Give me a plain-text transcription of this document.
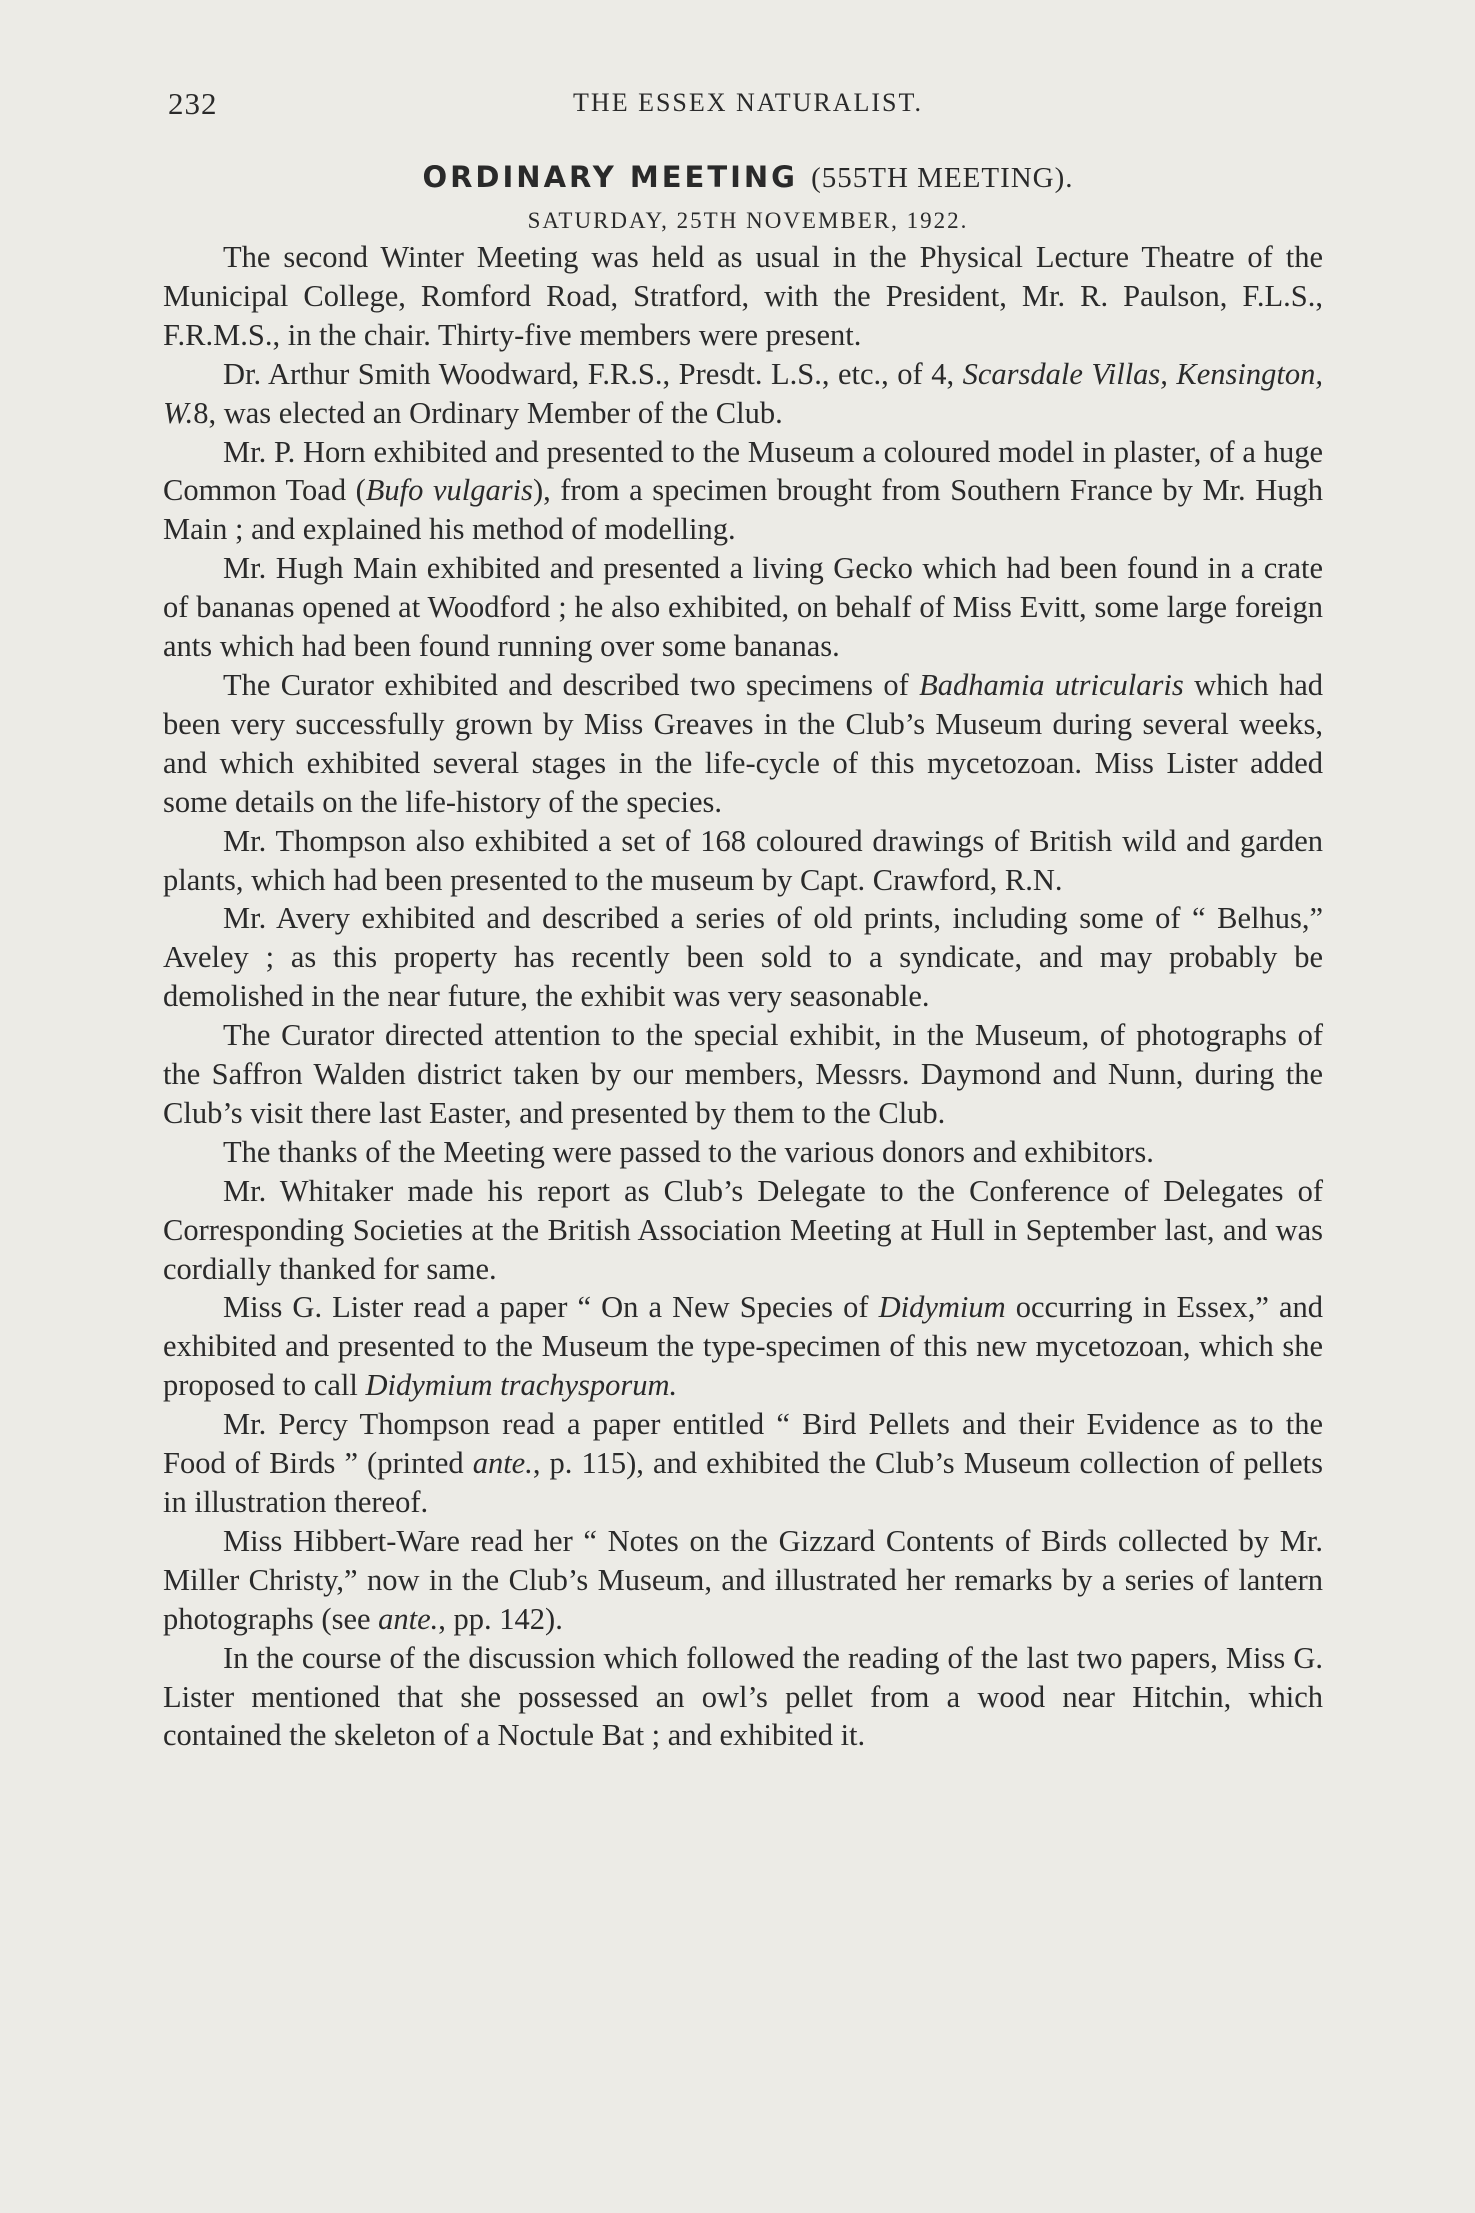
232	THE ESSEX NATURALIST.
ORDINARY MEETING (555TH MEETING).
SATURDAY, 25TH NOVEMBER, 1922.

The second Winter Meeting was held as usual in the Physical Lecture Theatre of the Municipal College, Romford Road, Stratford, with the President, Mr. R. Paulson, F.L.S., F.R.M.S., in the chair. Thirty-five members were present.

Dr. Arthur Smith Woodward, F.R.S., Presdt. L.S., etc., of 4, Scarsdale Villas, Kensington, W.8, was elected an Ordinary Member of the Club.

Mr. P. Horn exhibited and presented to the Museum a coloured model in plaster, of a huge Common Toad (Bufo vulgaris), from a specimen brought from Southern France by Mr. Hugh Main ; and explained his method of modelling.

Mr. Hugh Main exhibited and presented a living Gecko which had been found in a crate of bananas opened at Woodford ; he also exhibited, on behalf of Miss Evitt, some large foreign ants which had been found running over some bananas.

The Curator exhibited and described two specimens of Badhamia utricularis which had been very successfully grown by Miss Greaves in the Club’s Museum during several weeks, and which exhibited several stages in the life-cycle of this mycetozoan. Miss Lister added some details on the life-history of the species.

Mr. Thompson also exhibited a set of 168 coloured drawings of British wild and garden plants, which had been presented to the museum by Capt. Crawford, R.N.

Mr. Avery exhibited and described a series of old prints, including some of “ Belhus,” Aveley ; as this property has recently been sold to a syndicate, and may probably be demolished in the near future, the exhibit was very seasonable.

The Curator directed attention to the special exhibit, in the Museum, of photographs of the Saffron Walden district taken by our members, Messrs. Daymond and Nunn, during the Club’s visit there last Easter, and presented by them to the Club.

The thanks of the Meeting were passed to the various donors and exhibitors.

Mr. Whitaker made his report as Club’s Delegate to the Conference of Delegates of Corresponding Societies at the British Association Meeting at Hull in September last, and was cordially thanked for same.

Miss G. Lister read a paper “ On a New Species of Didymium occurring in Essex,” and exhibited and presented to the Museum the type-specimen of this new mycetozoan, which she proposed to call Didymium trachysporum.

Mr. Percy Thompson read a paper entitled “ Bird Pellets and their Evidence as to the Food of Birds ” (printed ante., p. 115), and exhibited the Club’s Museum collection of pellets in illustration thereof.

Miss Hibbert-Ware read her “ Notes on the Gizzard Contents of Birds collected by Mr. Miller Christy,” now in the Club’s Museum, and illustrated her remarks by a series of lantern photographs (see ante., pp. 142).

In the course of the discussion which followed the reading of the last two papers, Miss G. Lister mentioned that she possessed an owl’s pellet from a wood near Hitchin, which contained the skeleton of a Noctule Bat ; and exhibited it.
